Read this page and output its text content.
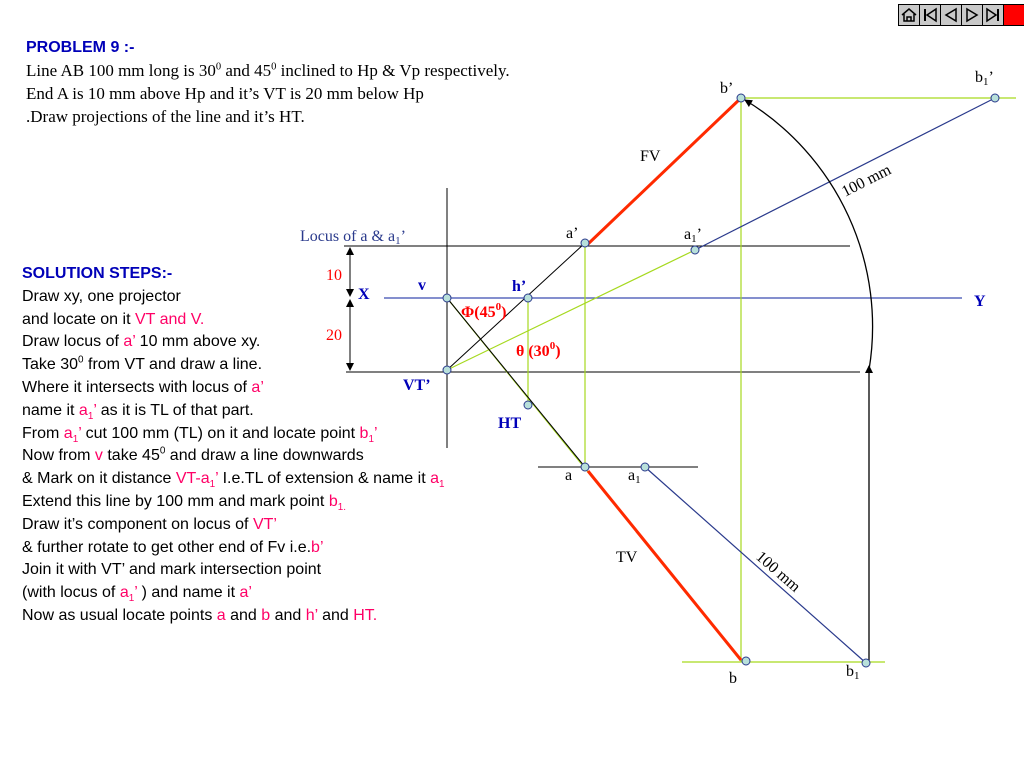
PROBLEM 9 :-
Line AB 100 mm long is $30^0$ and $45^0$ inclined to Hp & Vp respectively.
End A is 10 mm above Hp and it’s VT is 20 mm below Hp
.Draw projections of the line and it’s HT.
SOLUTION STEPS:-
Draw xy, one projector
and locate on it VT and V.
Draw locus of a’ 10 mm above xy.
Take $30^0$ from VT and draw a line.
Where it intersects with locus of a’
name it $a_1$’ as it is TL of that part.
From $a_1$’ cut 100 mm (TL) on it and locate point $b_1$’
Now from v take $45^0$ and draw a line downwards
& Mark on it distance $VT-a_1$’ I.e.TL of extension & name it $a_1$
Extend this line by 100 mm and mark point $b_{1.}$
Draw it’s component on locus of VT’
& further rotate to get other end of Fv i.e.b’
Join it with VT’ and mark intersection point
(with locus of $a_1$’ ) and name it a’
Now as usual locate points a and b and h’ and HT.
b’
b1’
FV
100 mm
Locus of a & a1’	a’	a1’
10
X
v	h’
Y
$\Phi(45^0)$
20
θ $(30^0)$
VT’
HT
a	a1
TV	100 mm
b	b1
